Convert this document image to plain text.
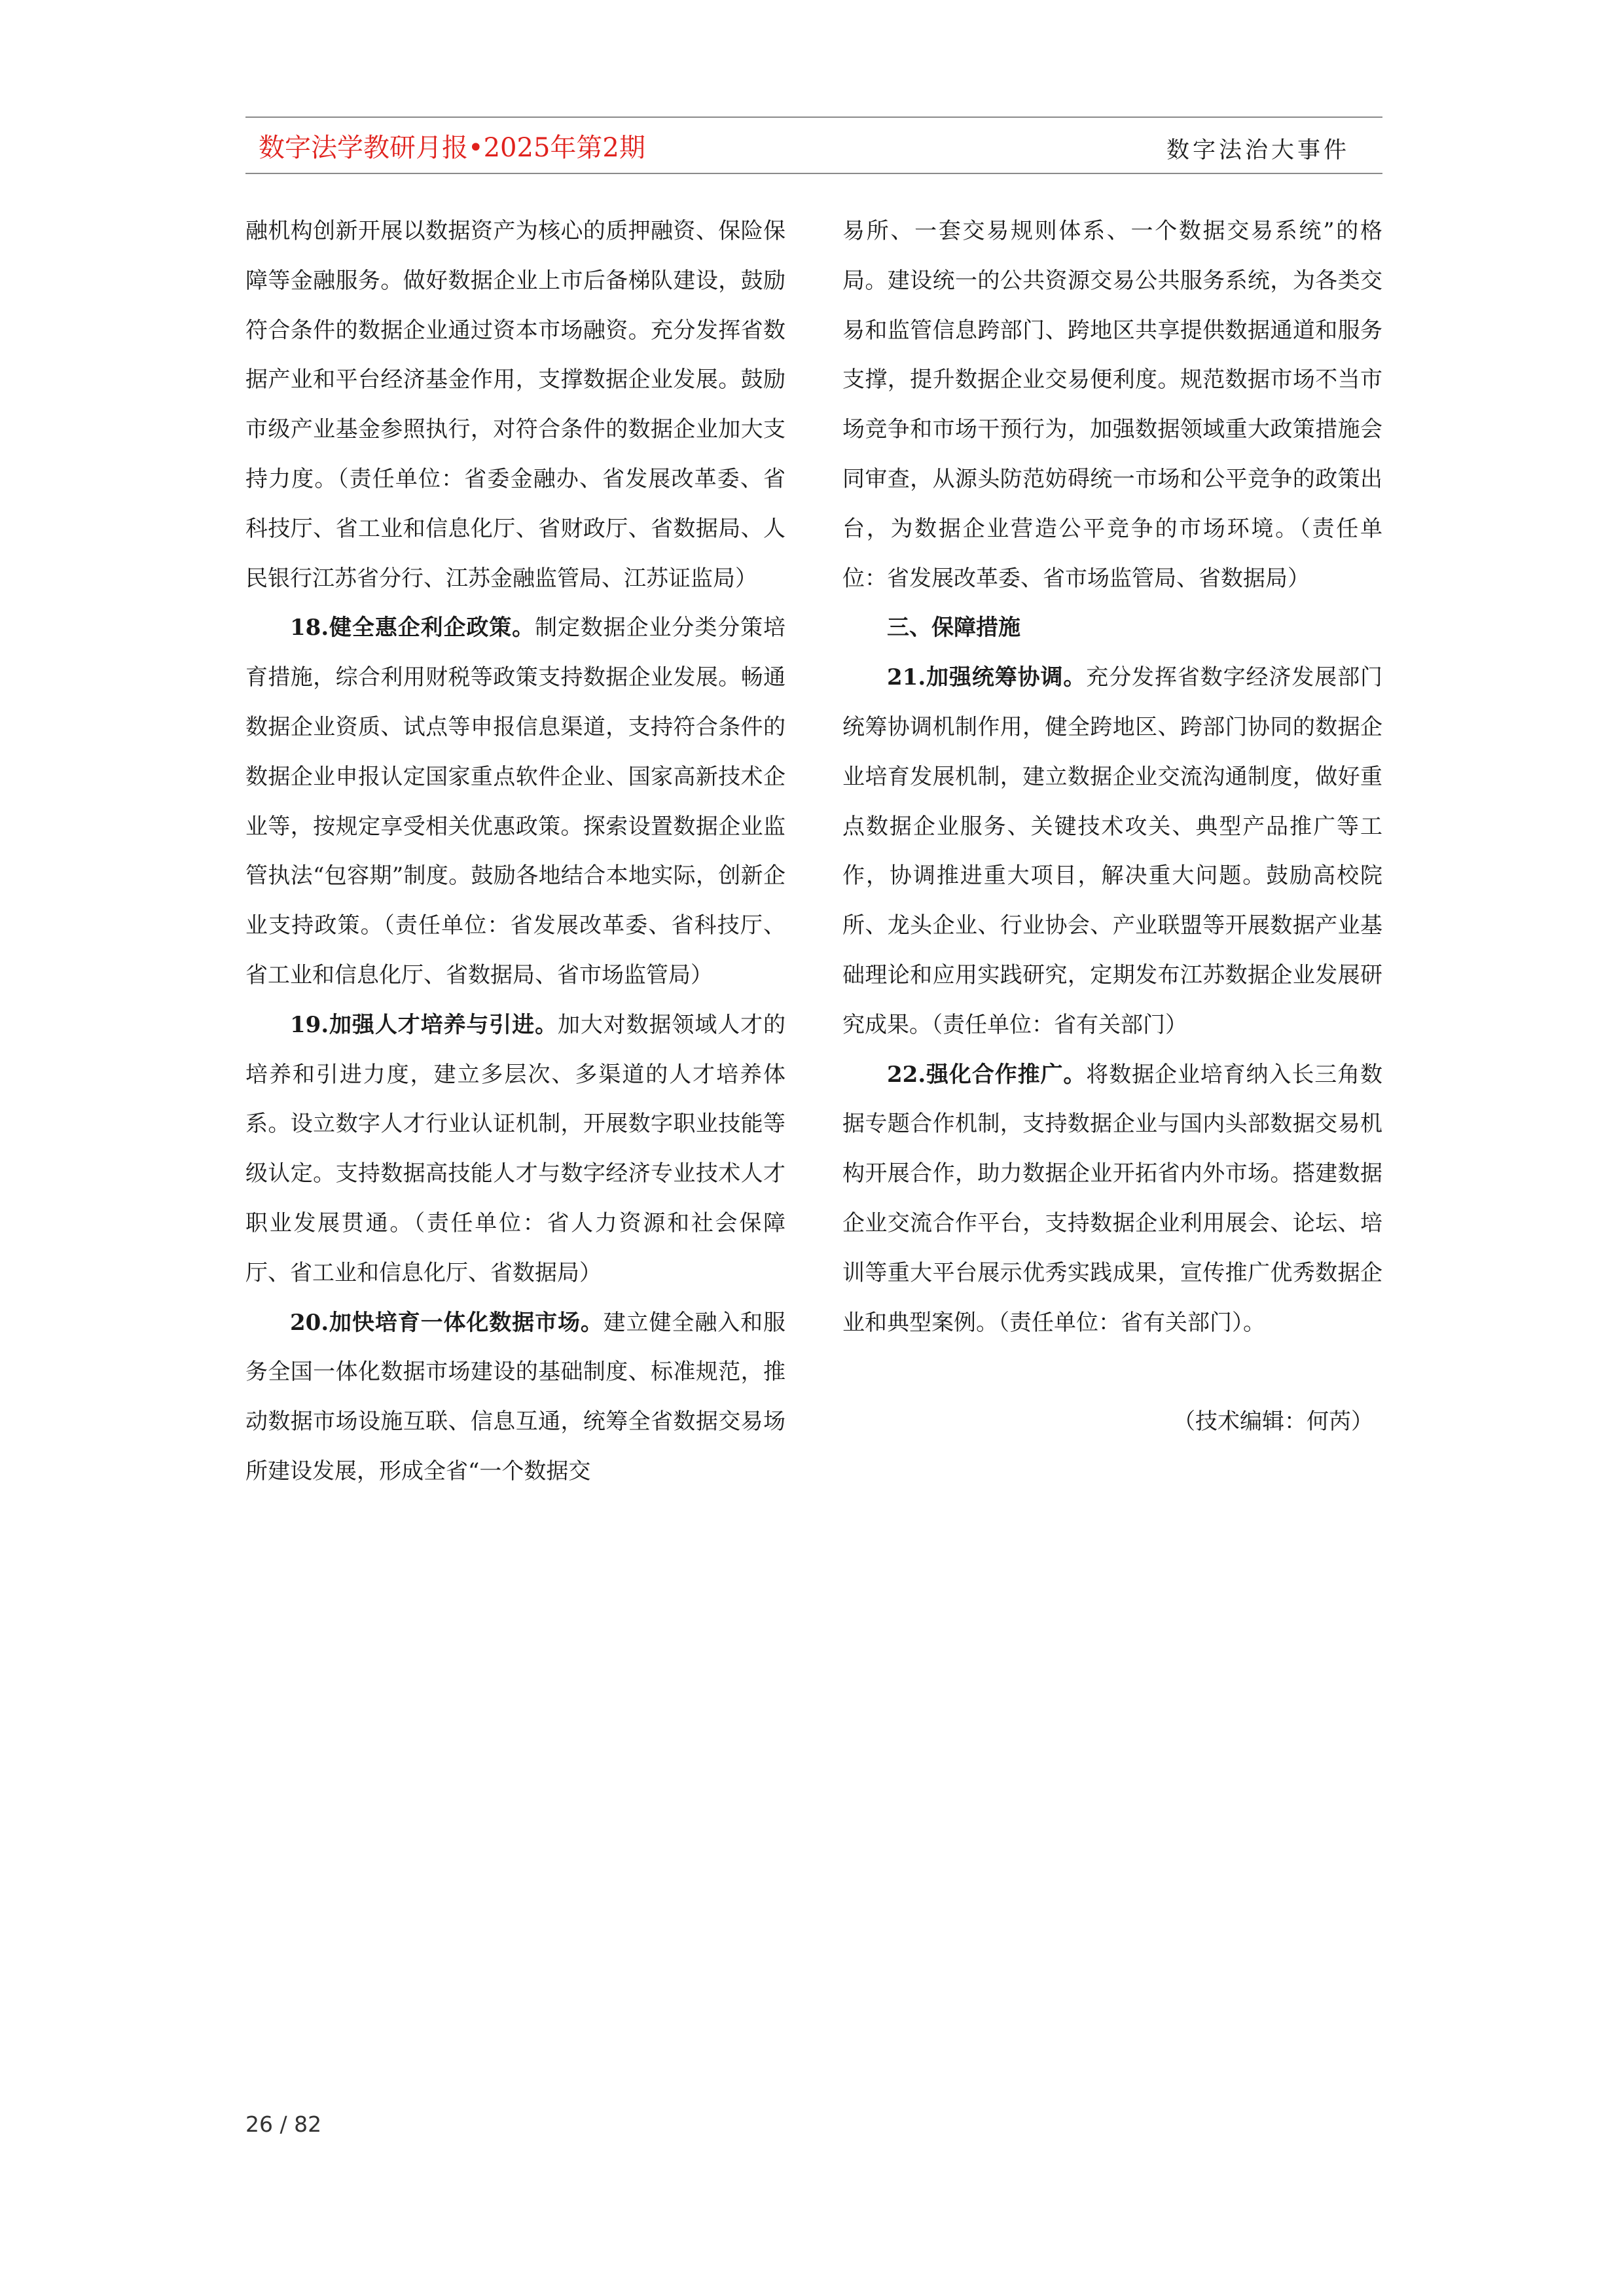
数字法学教研月报•2025年第2期	数字法治大事件

融机构创新开展以数据资产为核心的质押融资、保险保障等金融服务。做好数据企业上市后备梯队建设，鼓励符合条件的数据企业通过资本市场融资。充分发挥省数据产业和平台经济基金作用，支撑数据企业发展。鼓励市级产业基金参照执行，对符合条件的数据企业加大支持力度。（责任单位：省委金融办、省发展改革委、省科技厅、省工业和信息化厅、省财政厅、省数据局、人民银行江苏省分行、江苏金融监管局、江苏证监局）

18.健全惠企利企政策。制定数据企业分类分策培育措施，综合利用财税等政策支持数据企业发展。畅通数据企业资质、试点等申报信息渠道，支持符合条件的数据企业申报认定国家重点软件企业、国家高新技术企业等，按规定享受相关优惠政策。探索设置数据企业监管执法“包容期”制度。鼓励各地结合本地实际，创新企业支持政策。（责任单位：省发展改革委、省科技厅、省工业和信息化厅、省数据局、省市场监管局）

19.加强人才培养与引进。加大对数据领域人才的培养和引进力度，建立多层次、多渠道的人才培养体系。设立数字人才行业认证机制，开展数字职业技能等级认定。支持数据高技能人才与数字经济专业技术人才职业发展贯通。（责任单位：省人力资源和社会保障厅、省工业和信息化厅、省数据局）

20.加快培育一体化数据市场。建立健全融入和服务全国一体化数据市场建设的基础制度、标准规范，推动数据市场设施互联、信息互通，统筹全省数据交易场所建设发展，形成全省“一个数据交

易所、一套交易规则体系、一个数据交易系统”的格局。建设统一的公共资源交易公共服务系统，为各类交易和监管信息跨部门、跨地区共享提供数据通道和服务支撑，提升数据企业交易便利度。规范数据市场不当市场竞争和市场干预行为，加强数据领域重大政策措施会同审查，从源头防范妨碍统一市场和公平竞争的政策出台，为数据企业营造公平竞争的市场环境。（责任单位：省发展改革委、省市场监管局、省数据局）

三、保障措施

21.加强统筹协调。充分发挥省数字经济发展部门统筹协调机制作用，健全跨地区、跨部门协同的数据企业培育发展机制，建立数据企业交流沟通制度，做好重点数据企业服务、关键技术攻关、典型产品推广等工作，协调推进重大项目，解决重大问题。鼓励高校院所、龙头企业、行业协会、产业联盟等开展数据产业基础理论和应用实践研究，定期发布江苏数据企业发展研究成果。（责任单位：省有关部门）

22.强化合作推广。将数据企业培育纳入长三角数据专题合作机制，支持数据企业与国内头部数据交易机构开展合作，助力数据企业开拓省内外市场。搭建数据企业交流合作平台，支持数据企业利用展会、论坛、培训等重大平台展示优秀实践成果，宣传推广优秀数据企业和典型案例。（责任单位：省有关部门）。

（技术编辑：何芮）

26 / 82
